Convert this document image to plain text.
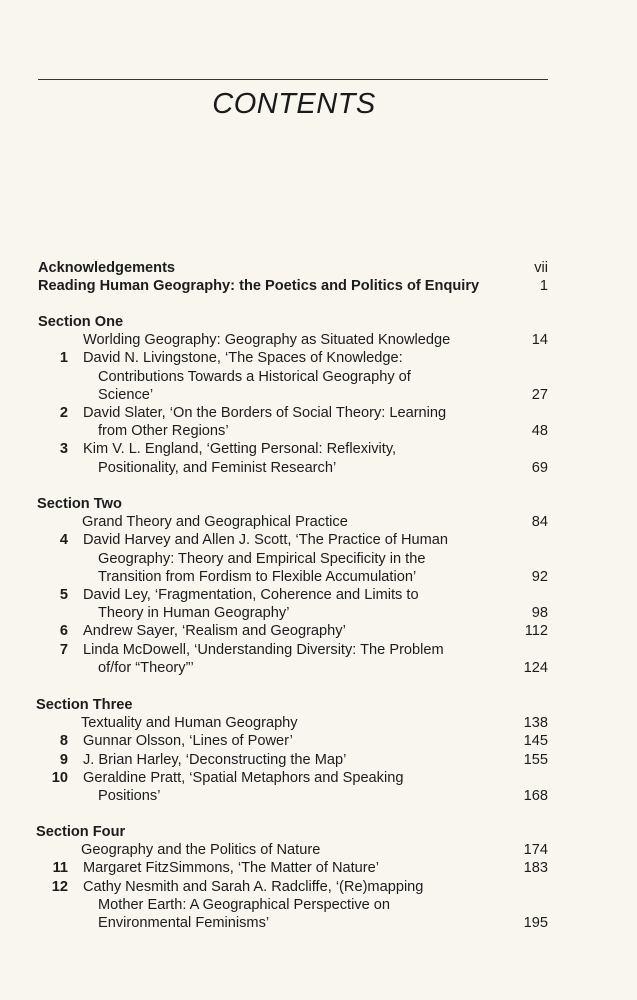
CONTENTS
Acknowledgements	vii
Reading Human Geography: the Poetics and Politics of Enquiry	1
Section One
Worlding Geography: Geography as Situated Knowledge	14
1 David N. Livingstone, ‘The Spaces of Knowledge:
Contributions Towards a Historical Geography of
Science’	27
2 David Slater, ‘On the Borders of Social Theory: Learning
from Other Regions’	48
3 Kim V. L. England, ‘Getting Personal: Reflexivity,
Positionality, and Feminist Research’	69
Section Two
Grand Theory and Geographical Practice	84
4 David Harvey and Allen J. Scott, ‘The Practice of Human
Geography: Theory and Empirical Specificity in the
Transition from Fordism to Flexible Accumulation’	92
5 David Ley, ‘Fragmentation, Coherence and Limits to
Theory in Human Geography’	98
6 Andrew Sayer, ‘Realism and Geography’	112
7 Linda McDowell, ‘Understanding Diversity: The Problem
of/for “Theory”’	124
Section Three
Textuality and Human Geography	138
8 Gunnar Olsson, ‘Lines of Power’	145
9 J. Brian Harley, ‘Deconstructing the Map’	155
10 Geraldine Pratt, ‘Spatial Metaphors and Speaking
Positions’	168
Section Four
Geography and the Politics of Nature	174
11 Margaret FitzSimmons, ‘The Matter of Nature’	183
12 Cathy Nesmith and Sarah A. Radcliffe, ‘(Re)mapping
Mother Earth: A Geographical Perspective on
Environmental Feminisms’	195
